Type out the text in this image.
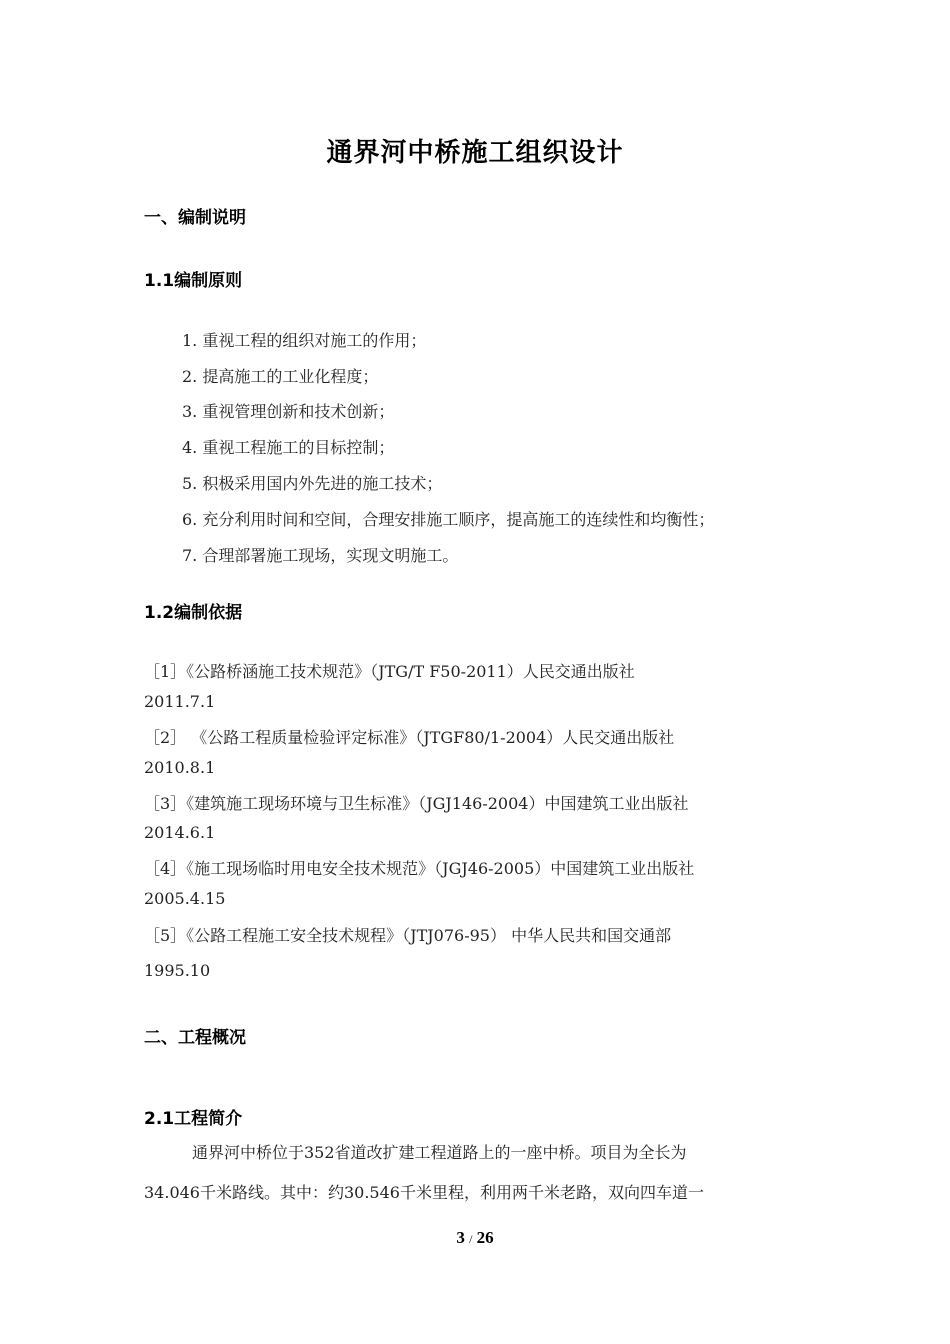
通界河中桥施工组织设计
一、编制说明
1.1编制原则
1. 重视工程的组织对施工的作用；
2. 提高施工的工业化程度；
3. 重视管理创新和技术创新；
4. 重视工程施工的目标控制；
5. 积极采用国内外先进的施工技术；
6. 充分利用时间和空间，合理安排施工顺序，提高施工的连续性和均衡性；
7. 合理部署施工现场，实现文明施工。
1.2编制依据
［1］《公路桥涵施工技术规范》（JTG/T F50-2011）人民交通出版社
2011.7.1
［2］ 《公路工程质量检验评定标准》（JTGF80/1-2004）人民交通出版社
2010.8.1
［3］《建筑施工现场环境与卫生标准》（JGJ146-2004）中国建筑工业出版社
2014.6.1
［4］《施工现场临时用电安全技术规范》（JGJ46-2005）中国建筑工业出版社
2005.4.15
［5］《公路工程施工安全技术规程》（JTJ076-95） 中华人民共和国交通部
1995.10
二、工程概况
2.1工程简介
通界河中桥位于352省道改扩建工程道路上的一座中桥。项目为全长为
34.046千米路线。其中：约30.546千米里程，利用两千米老路，双向四车道一
3 / 26
